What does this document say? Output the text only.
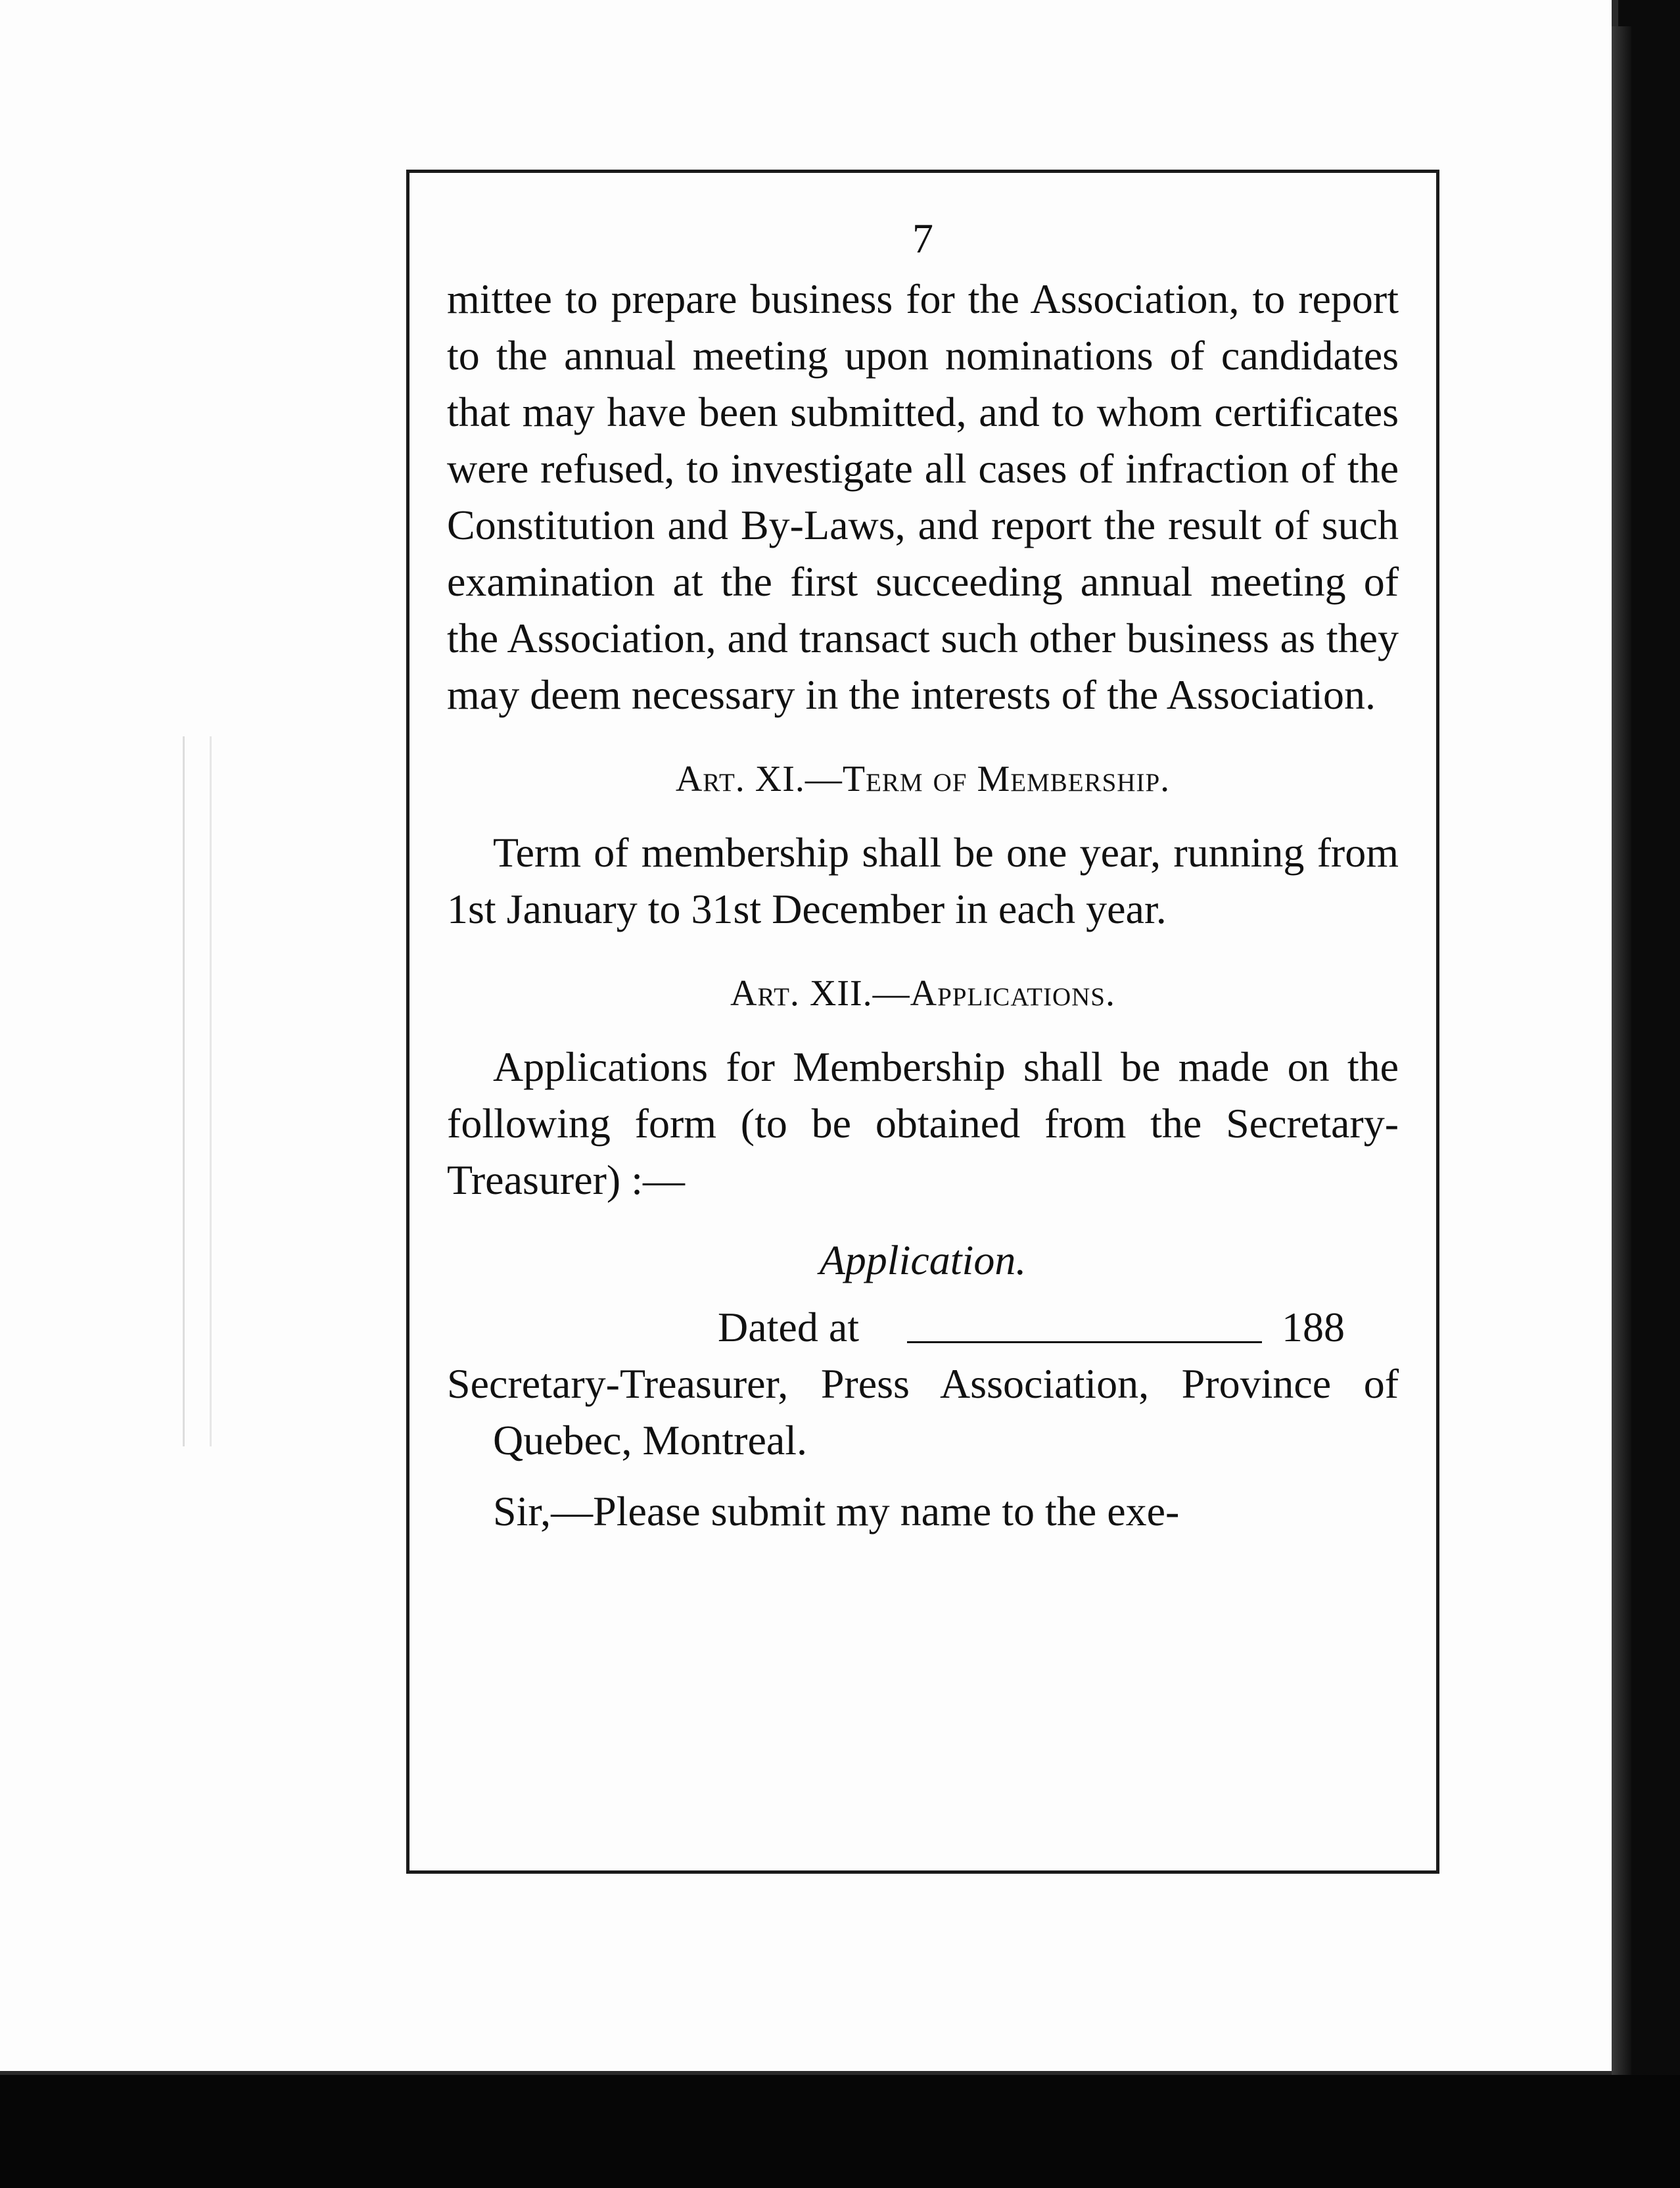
7

mittee to prepare business for the Association, to report to the annual meeting upon nominations of candidates that may have been submitted, and to whom certificates were refused, to investigate all cases of infraction of the Constitution and By-Laws, and report the result of such examination at the first succeeding annual meeting of the Association, and transact such other business as they may deem necessary in the interests of the Association.

Art. XI.—Term of Membership.

Term of membership shall be one year, running from 1st January to 31st December in each year.

Art. XII.—Applications.

Applications for Membership shall be made on the following form (to be obtained from the Secretary-Treasurer) :—

Application.
Dated at	188

Secretary-Treasurer, Press Association, Province of Quebec, Montreal.

Sir,—Please submit my name to the exe-
